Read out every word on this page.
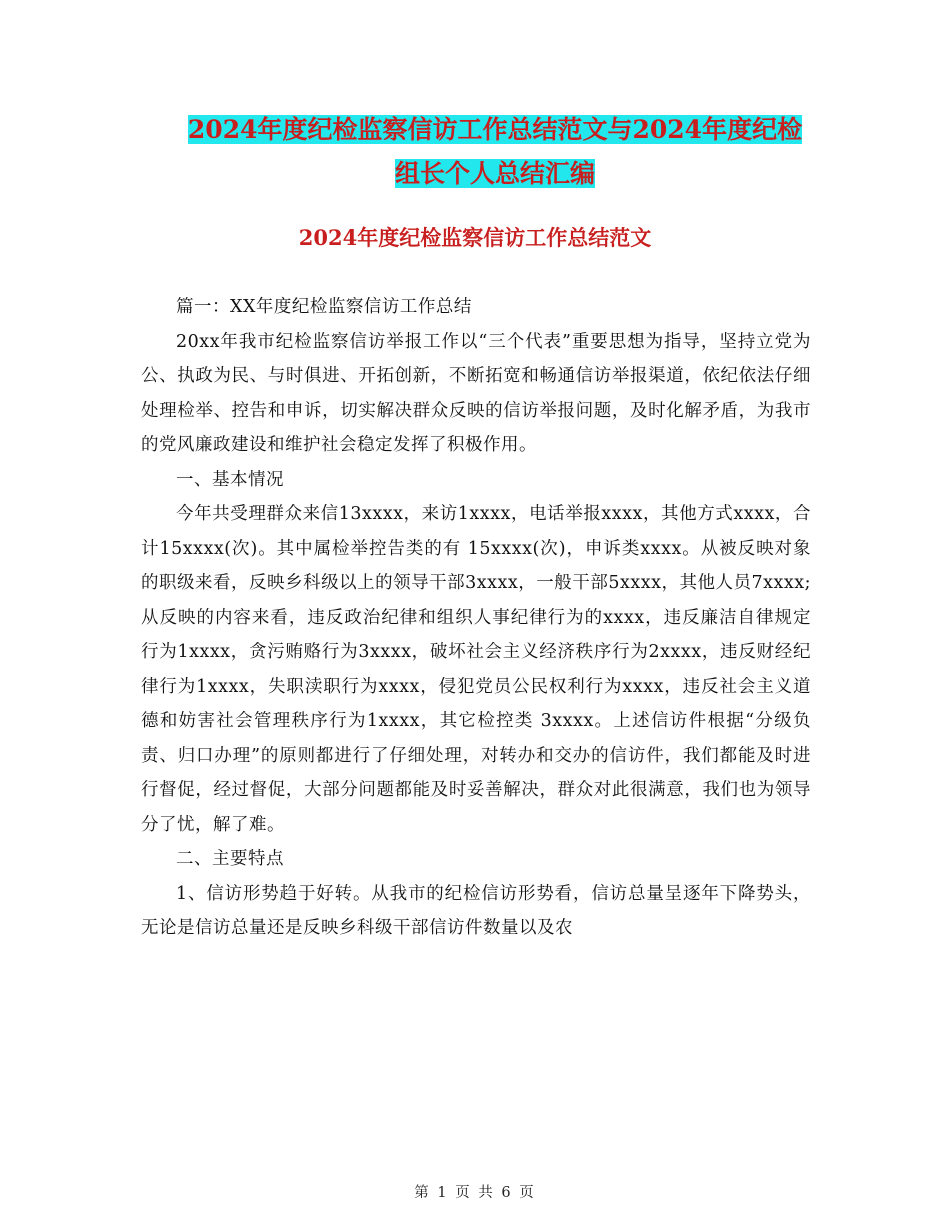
2024年度纪检监察信访工作总结范文与2024年度纪检
组长个人总结汇编
2024年度纪检监察信访工作总结范文

篇一：XX年度纪检监察信访工作总结

20xx年我市纪检监察信访举报工作以“三个代表”重要思想为指导，坚持立党为公、执政为民、与时俱进、开拓创新，不断拓宽和畅通信访举报渠道，依纪依法仔细处理检举、控告和申诉，切实解决群众反映的信访举报问题，及时化解矛盾，为我市的党风廉政建设和维护社会稳定发挥了积极作用。

一、基本情况

今年共受理群众来信13xxxx，来访1xxxx，电话举报xxxx，其他方式xxxx，合计15xxxx(次)。其中属检举控告类的有 15xxxx(次)，申诉类xxxx。从被反映对象的职级来看，反映乡科级以上的领导干部3xxxx，一般干部5xxxx，其他人员7xxxx;从反映的内容来看，违反政治纪律和组织人事纪律行为的xxxx，违反廉洁自律规定行为1xxxx，贪污贿赂行为3xxxx，破坏社会主义经济秩序行为2xxxx，违反财经纪律行为1xxxx，失职渎职行为xxxx，侵犯党员公民权利行为xxxx，违反社会主义道德和妨害社会管理秩序行为1xxxx，其它检控类 3xxxx。上述信访件根据“分级负责、归口办理”的原则都进行了仔细处理，对转办和交办的信访件，我们都能及时进行督促，经过督促，大部分问题都能及时妥善解决，群众对此很满意，我们也为领导分了忧，解了难。

二、主要特点

1、信访形势趋于好转。从我市的纪检信访形势看，信访总量呈逐年下降势头，无论是信访总量还是反映乡科级干部信访件数量以及农

第 1 页 共 6 页
